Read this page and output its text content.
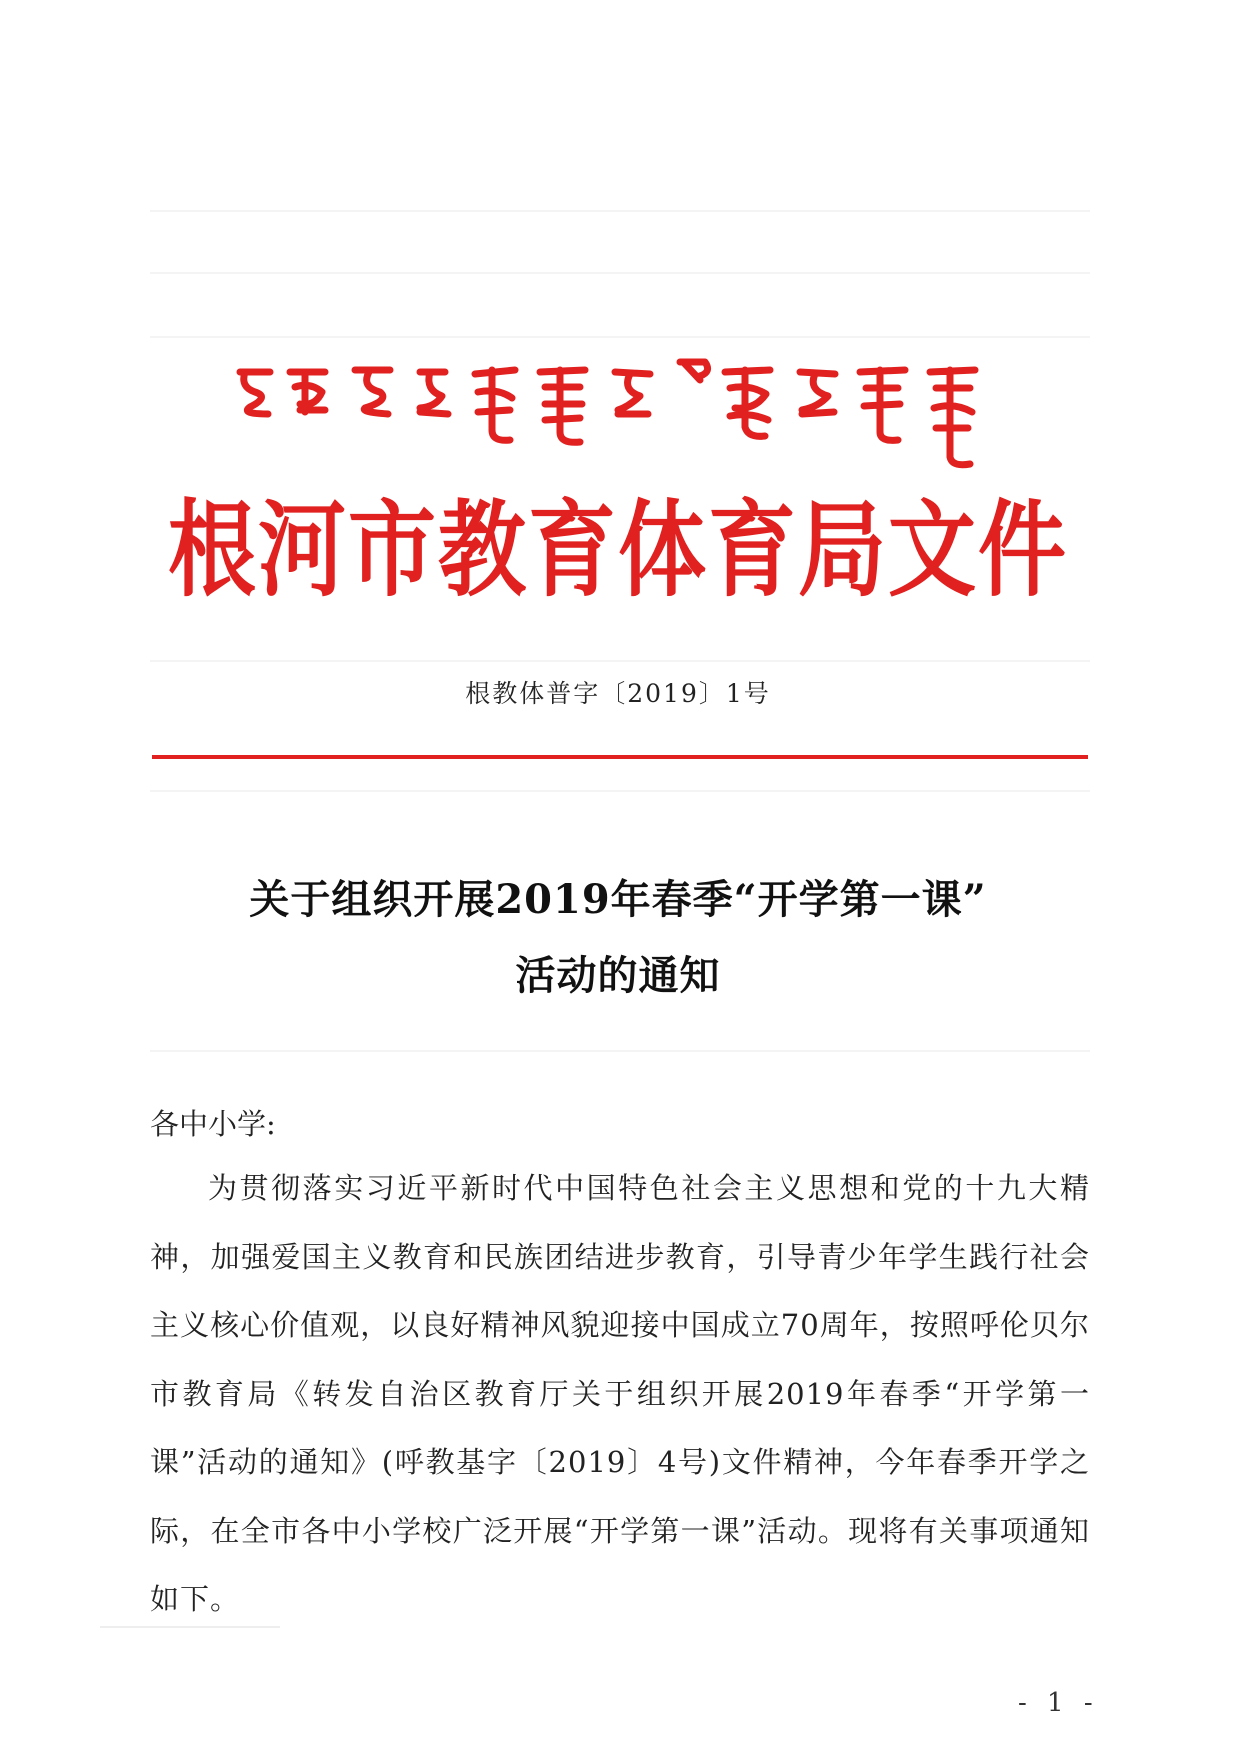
根河市教育体育局文件
根教体普字〔2019〕1号
关于组织开展2019年春季“开学第一课”
活动的通知
各中小学:
为贯彻落实习近平新时代中国特色社会主义思想和党的十九大精神，加强爱国主义教育和民族团结进步教育，引导青少年学生践行社会主义核心价值观，以良好精神风貌迎接中国成立70周年，按照呼伦贝尔市教育局《转发自治区教育厅关于组织开展2019年春季“开学第一课”活动的通知》(呼教基字〔2019〕4号)文件精神，今年春季开学之际，在全市各中小学校广泛开展“开学第一课”活动。现将有关事项通知如下。
- 1 -
